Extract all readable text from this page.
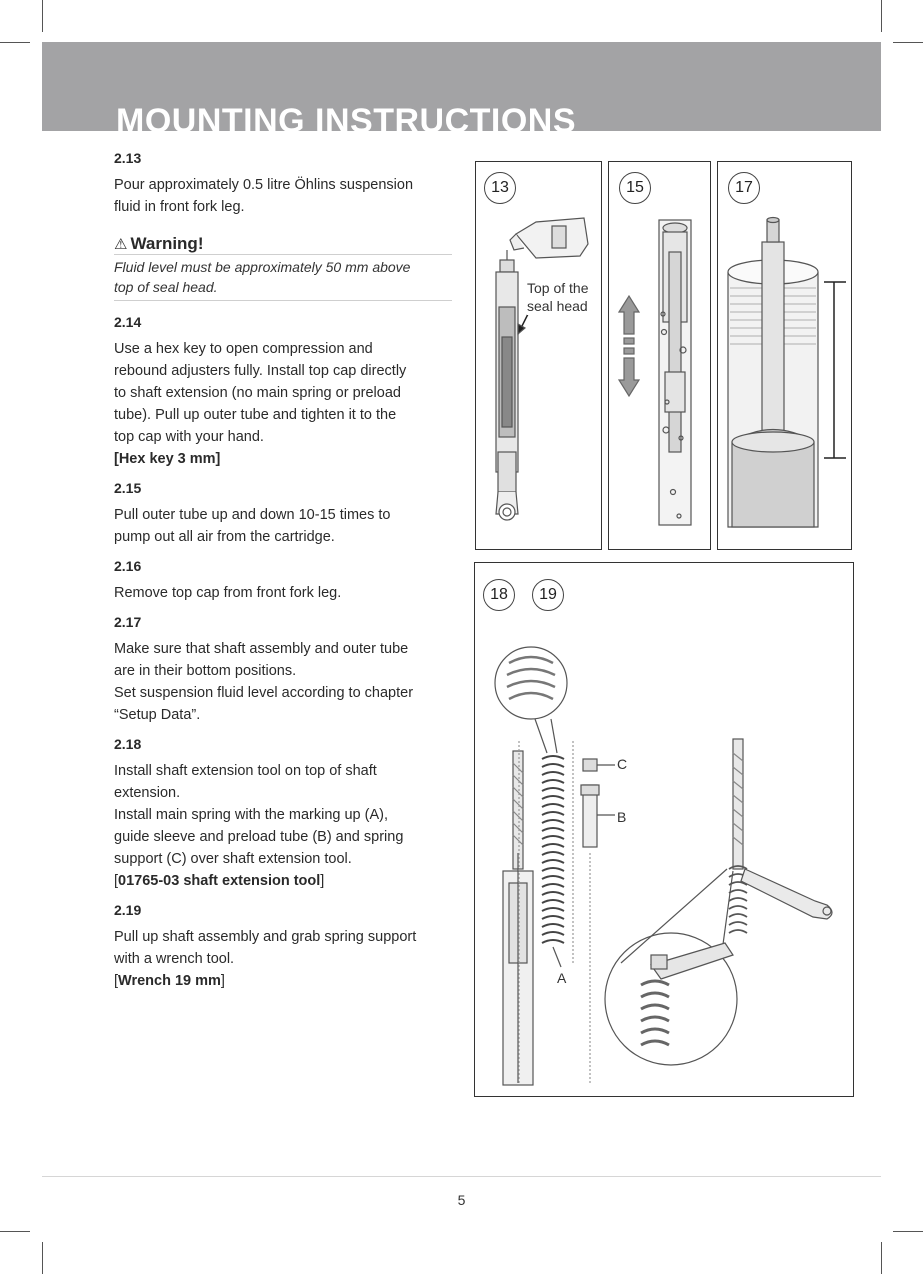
MOUNTING INSTRUCTIONS
2.13

Pour approximately 0.5 litre Öhlins suspension
fluid in front fork leg.

⚠ Warning!
Fluid level must be approximately 50 mm above
top of seal head.
2.14

Use a hex key to open compression and
rebound adjusters fully. Install top cap directly
to shaft extension (no main spring or preload
tube). Pull up outer tube and tighten it to the
top cap with your hand.
[Hex key 3 mm]

2.15

Pull outer tube up and down 10-15 times to
pump out all air from the cartridge.

2.16

Remove top cap from front fork leg.

2.17

Make sure that shaft assembly and outer tube
are in their bottom positions.
Set suspension fluid level according to chapter
“Setup Data”.

2.18

Install shaft extension tool on top of shaft
extension.
Install main spring with the marking up (A),
guide sleeve and preload tube (B) and spring
support (C) over shaft extension tool.
[01765-03 shaft extension tool]

2.19

Pull up shaft assembly and grab spring support
with a wrench tool.
[Wrench 19 mm]

13
Top of the
seal head
15	17
18	19
C
B
A
5
